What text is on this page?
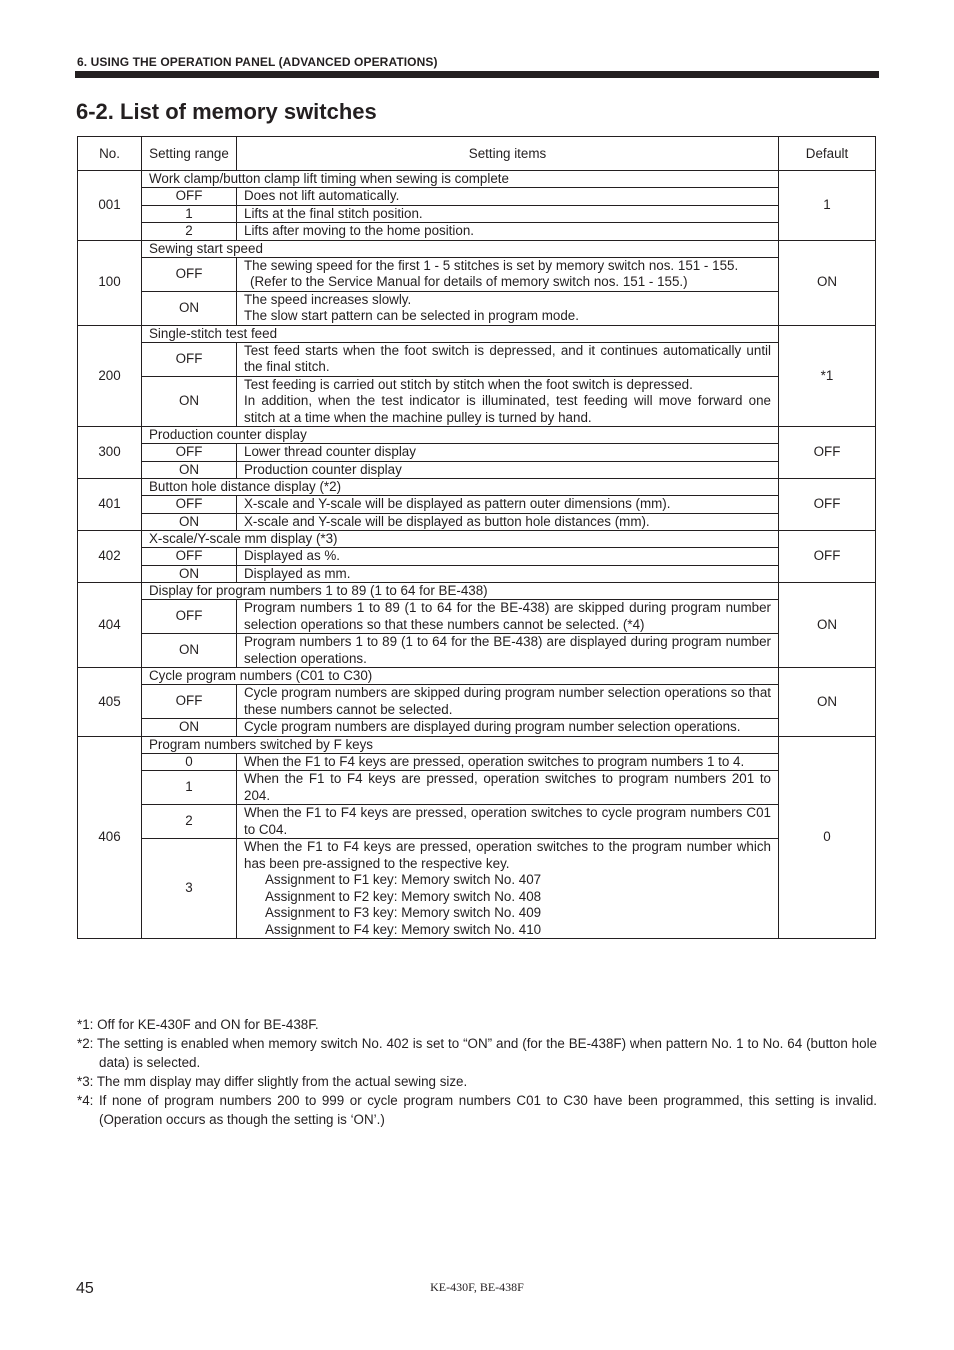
6. USING THE OPERATION PANEL (ADVANCED OPERATIONS)
6-2. List of memory switches
No.	Setting range	Setting items	Default
001	Work clamp/button clamp lift timing when sewing is complete		1
	OFF	Does not lift automatically.	
	1	Lifts at the final stitch position.	
	2	Lifts after moving to the home position.	
100	Sewing start speed		ON
	OFF	The sewing speed for the first 1 - 5 stitches is set by memory switch nos. 151 - 155.
(Refer to the Service Manual for details of memory switch nos. 151 - 155.)	

	ON	The speed increases slowly.
The slow start pattern can be selected in program mode.	

200	Single-stitch test feed		*1
	OFF	Test feed starts when the foot switch is depressed, and it continues automatically until the final stitch.	
	ON	Test feeding is carried out stitch by stitch when the foot switch is depressed.
In addition, when the test indicator is illuminated, test feeding will move forward one stitch at a time when the machine pulley is turned by hand.	

300	Production counter display		OFF
	OFF	Lower thread counter display	
	ON	Production counter display	
401	Button hole distance display (*2)		OFF
	OFF	X-scale and Y-scale will be displayed as pattern outer dimensions (mm).	
	ON	X-scale and Y-scale will be displayed as button hole distances (mm).	
402	X-scale/Y-scale mm display (*3)		OFF
	OFF	Displayed as %.	
	ON	Displayed as mm.	
404	Display for program numbers 1 to 89 (1 to 64 for BE-438)		ON
	OFF	Program numbers 1 to 89 (1 to 64 for the BE-438) are skipped during program number selection operations so that these numbers cannot be selected. (*4)	
	ON	Program numbers 1 to 89 (1 to 64 for the BE-438) are displayed during program number selection operations.	
405	Cycle program numbers (C01 to C30)		ON
	OFF	Cycle program numbers are skipped during program number selection operations so that these numbers cannot be selected.	
	ON	Cycle program numbers are displayed during program number selection operations.	
406	Program numbers switched by F keys		0
	0	When the F1 to F4 keys are pressed, operation switches to program numbers 1 to 4.	
	1	When the F1 to F4 keys are pressed, operation switches to program numbers 201 to 204.	
	2	When the F1 to F4 keys are pressed, operation switches to cycle program numbers C01 to C04.	
	3	When the F1 to F4 keys are pressed, operation switches to the program number which has been pre-assigned to the respective key.
Assignment to F1 key: Memory switch No. 407
Assignment to F2 key: Memory switch No. 408
Assignment to F3 key: Memory switch No. 409
Assignment to F4 key: Memory switch No. 410	
*1: Off for KE-430F and ON for BE-438F.
*2: The setting is enabled when memory switch No. 402 is set to “ON” and (for the BE-438F) when pattern No. 1 to No. 64 (button hole data) is selected.
*3: The mm display may differ slightly from the actual sewing size.
*4: If none of program numbers 200 to 999 or cycle program numbers C01 to C30 have been programmed, this setting is invalid. (Operation occurs as though the setting is ‘ON’.)
45	KE-430F, BE-438F
